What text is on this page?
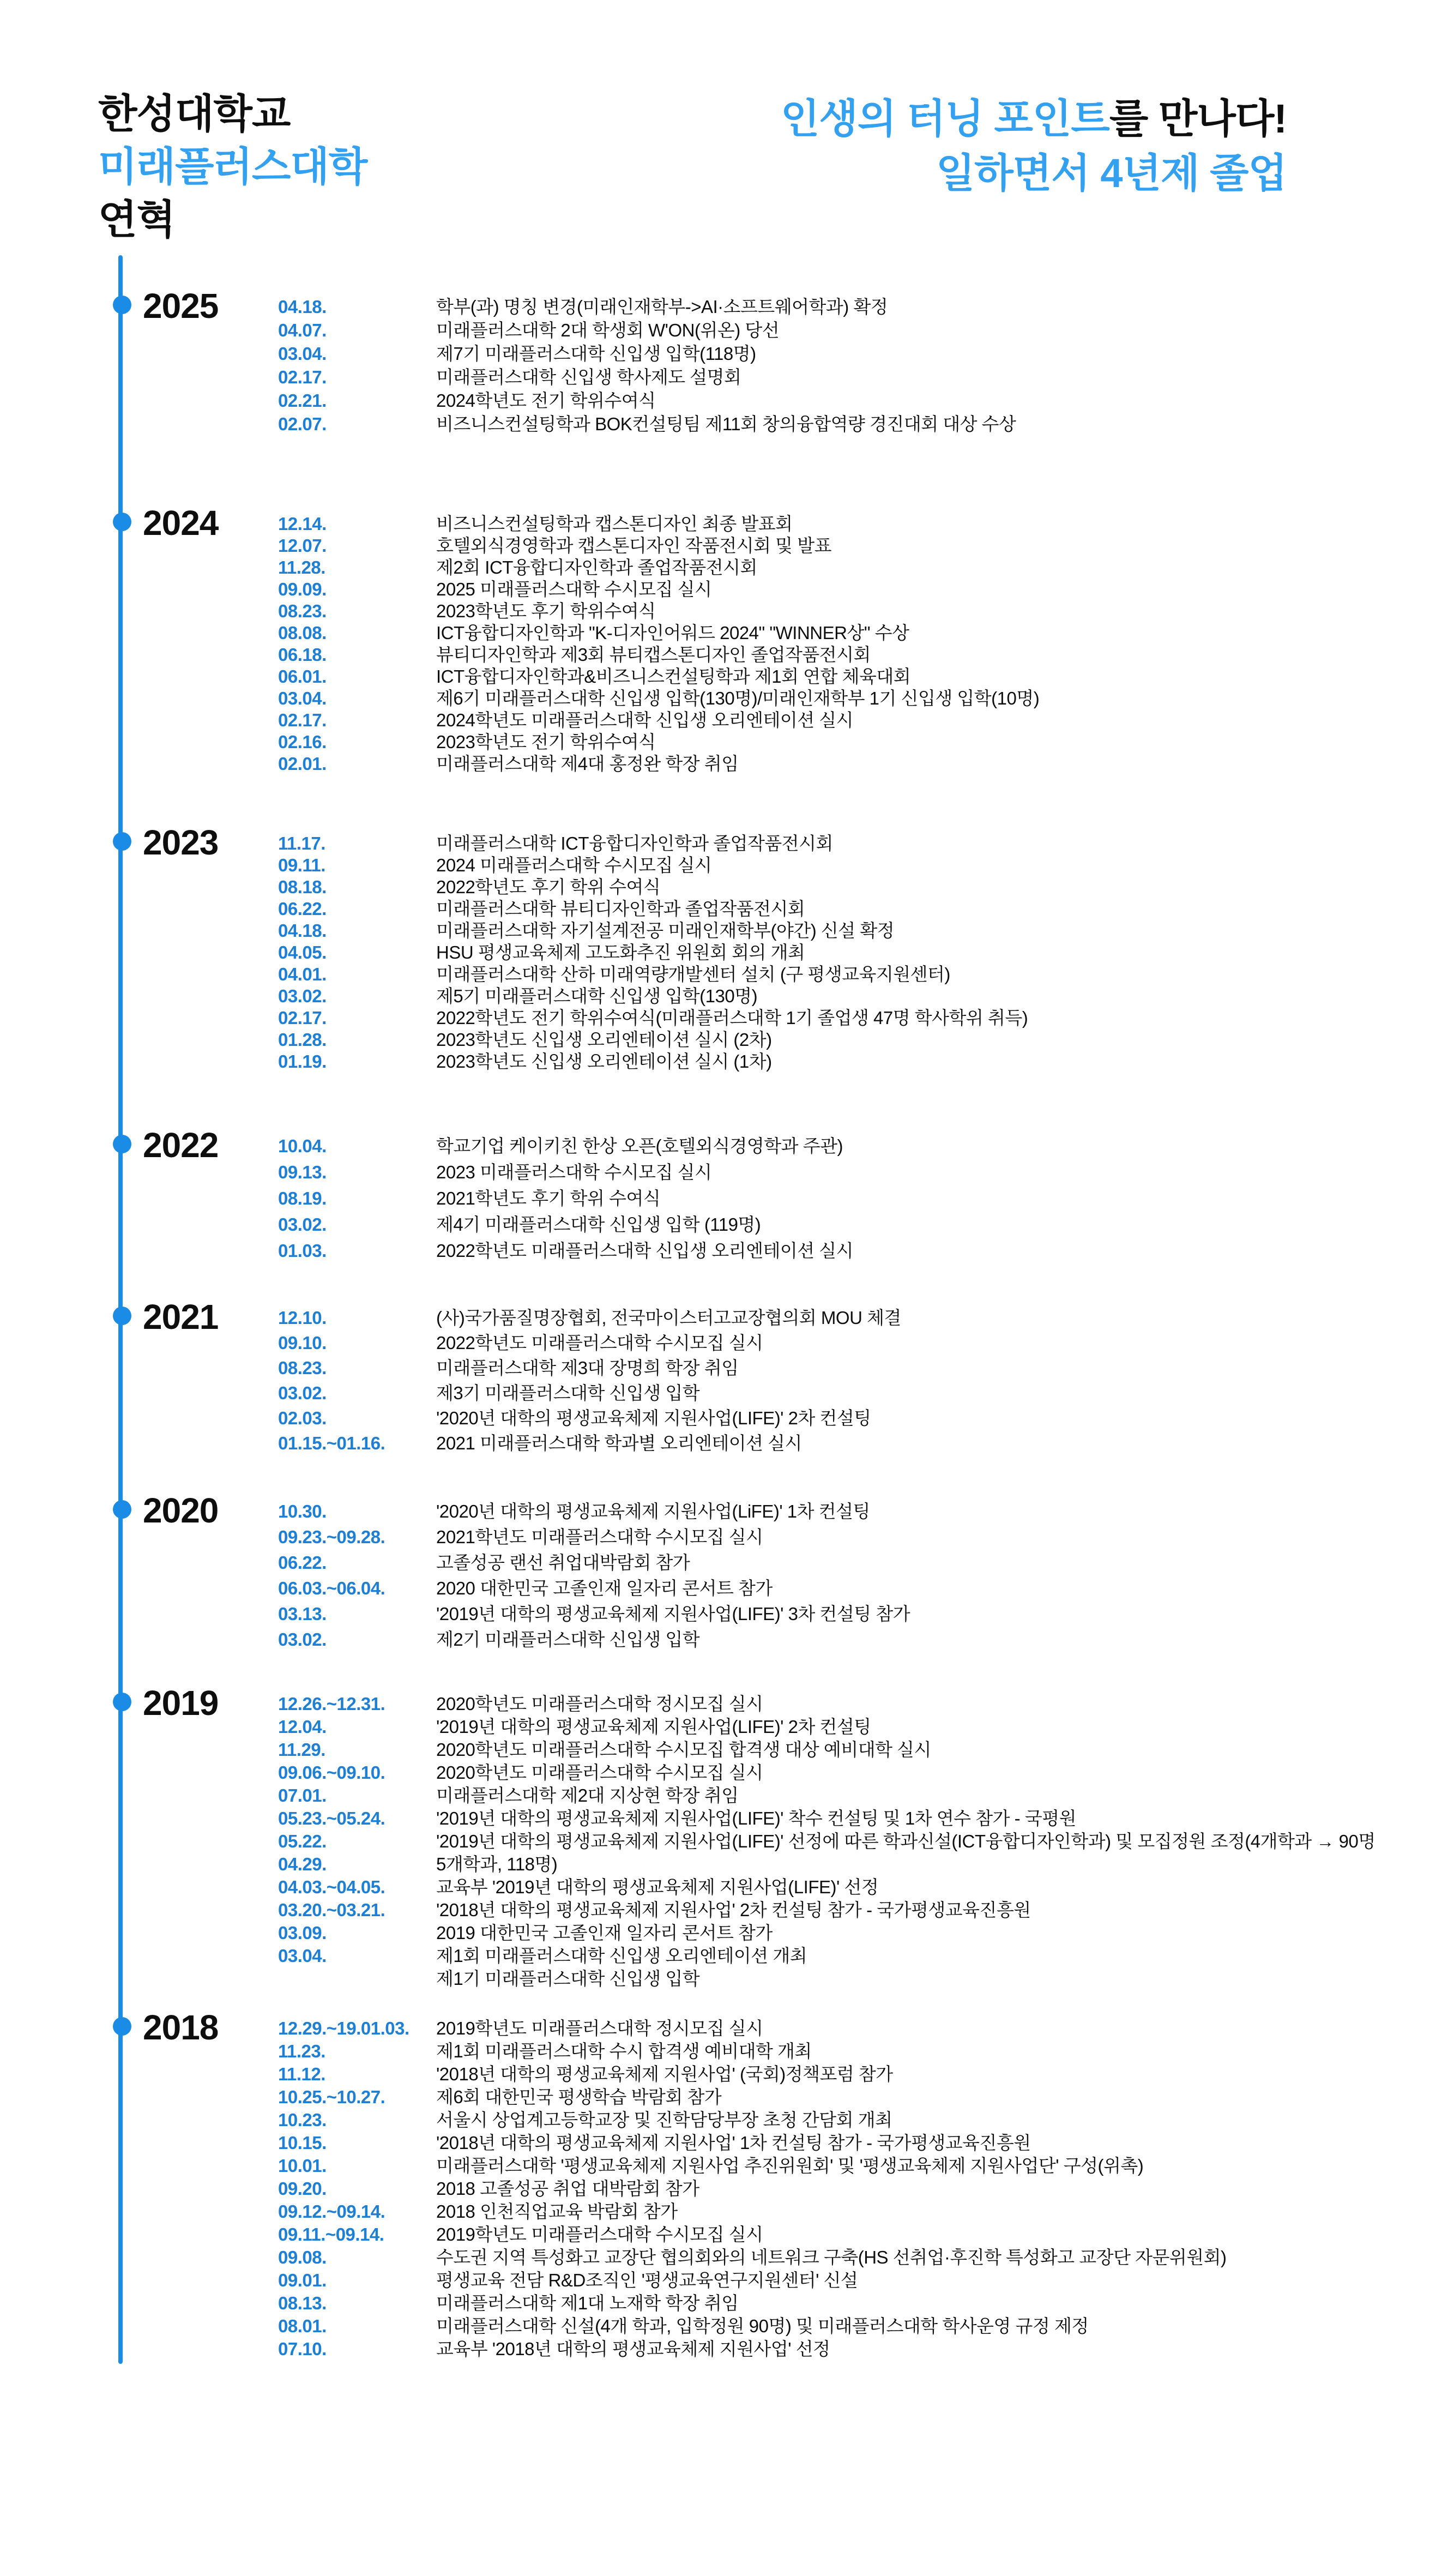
한성대학교
미래플러스대학
연혁
인생의 터닝 포인트를 만나다!
일하면서 4년제 졸업
2025	04.18.	학부(과) 명칭 변경(미래인재학부->AI·소프트웨어학과) 확정
04.07.	미래플러스대학 2대 학생회 W'ON(위온) 당선
03.04.	제7기 미래플러스대학 신입생 입학(118명)
02.17.	미래플러스대학 신입생 학사제도 설명회
02.21.	2024학년도 전기 학위수여식
02.07.	비즈니스컨설팅학과 BOK컨설팅팀 제11회 창의융합역량 경진대회 대상 수상
2024	12.14.	비즈니스컨설팅학과 캡스톤디자인 최종 발표회
12.07.	호텔외식경영학과 캡스톤디자인 작품전시회 및 발표
11.28.	제2회 ICT융합디자인학과 졸업작품전시회
09.09.	2025 미래플러스대학 수시모집 실시
08.23.	2023학년도 후기 학위수여식
08.08.	ICT융합디자인학과 "K-디자인어워드 2024" "WINNER상" 수상
06.18.	뷰티디자인학과 제3회 뷰티캡스톤디자인 졸업작품전시회
06.01.	ICT융합디자인학과&비즈니스컨설팅학과 제1회 연합 체육대회
03.04.	제6기 미래플러스대학 신입생 입학(130명)/미래인재학부 1기 신입생 입학(10명)
02.17.	2024학년도 미래플러스대학 신입생 오리엔테이션 실시
02.16.	2023학년도 전기 학위수여식
02.01.	미래플러스대학 제4대 홍정완 학장 취임
2023	11.17.	미래플러스대학 ICT융합디자인학과 졸업작품전시회
09.11.	2024 미래플러스대학 수시모집 실시
08.18.	2022학년도 후기 학위 수여식
06.22.	미래플러스대학 뷰티디자인학과 졸업작품전시회
04.18.	미래플러스대학 자기설계전공 미래인재학부(야간) 신설 확정
04.05.	HSU 평생교육체제 고도화추진 위원회 회의 개최
04.01.	미래플러스대학 산하 미래역량개발센터 설치 (구 평생교육지원센터)
03.02.	제5기 미래플러스대학 신입생 입학(130명)
02.17.	2022학년도 전기 학위수여식(미래플러스대학 1기 졸업생 47명 학사학위 취득)
01.28.	2023학년도 신입생 오리엔테이션 실시 (2차)
01.19.	2023학년도 신입생 오리엔테이션 실시 (1차)
2022	10.04.	학교기업 케이키친 한상 오픈(호텔외식경영학과 주관)
09.13.	2023 미래플러스대학 수시모집 실시
08.19.	2021학년도 후기 학위 수여식
03.02.	제4기 미래플러스대학 신입생 입학 (119명)
01.03.	2022학년도 미래플러스대학 신입생 오리엔테이션 실시
2021	12.10.	(사)국가품질명장협회, 전국마이스터고교장협의회 MOU 체결
09.10.	2022학년도 미래플러스대학 수시모집 실시
08.23.	미래플러스대학 제3대 장명희 학장 취임
03.02.	제3기 미래플러스대학 신입생 입학
02.03.	'2020년 대학의 평생교육체제 지원사업(LIFE)' 2차 컨설팅
01.15.~01.16.	2021 미래플러스대학 학과별 오리엔테이션 실시
2020	10.30.	'2020년 대학의 평생교육체제 지원사업(LiFE)' 1차 컨설팅
09.23.~09.28.	2021학년도 미래플러스대학 수시모집 실시
06.22.	고졸성공 랜선 취업대박람회 참가
06.03.~06.04.	2020 대한민국 고졸인재 일자리 콘서트 참가
03.13.	'2019년 대학의 평생교육체제 지원사업(LIFE)' 3차 컨설팅 참가
03.02.	제2기 미래플러스대학 신입생 입학
2019	12.26.~12.31.	2020학년도 미래플러스대학 정시모집 실시
12.04.	'2019년 대학의 평생교육체제 지원사업(LIFE)' 2차 컨설팅
11.29.	2020학년도 미래플러스대학 수시모집 합격생 대상 예비대학 실시
09.06.~09.10.	2020학년도 미래플러스대학 수시모집 실시
07.01.	미래플러스대학 제2대 지상현 학장 취임
05.23.~05.24.	'2019년 대학의 평생교육체제 지원사업(LIFE)' 착수 컨설팅 및 1차 연수 참가 - 국평원
05.22.	'2019년 대학의 평생교육체제 지원사업(LIFE)' 선정에 따른 학과신설(ICT융합디자인학과) 및 모집정원 조정(4개학과 → 90명
04.29.	5개학과, 118명)
04.03.~04.05.	교육부 '2019년 대학의 평생교육체제 지원사업(LIFE)' 선정
03.20.~03.21.	'2018년 대학의 평생교육체제 지원사업' 2차 컨설팅 참가 - 국가평생교육진흥원
03.09.	2019 대한민국 고졸인재 일자리 콘서트 참가
03.04.	제1회 미래플러스대학 신입생 오리엔테이션 개최
제1기 미래플러스대학 신입생 입학
2018	12.29.~19.01.03. 2019학년도 미래플러스대학 정시모집 실시
11.23.	제1회 미래플러스대학 수시 합격생 예비대학 개최
11.12.	'2018년 대학의 평생교육체제 지원사업' (국회)정책포럼 참가
10.25.~10.27.	제6회 대한민국 평생학습 박람회 참가
10.23.	서울시 상업계고등학교장 및 진학담당부장 초청 간담회 개최
10.15.	'2018년 대학의 평생교육체제 지원사업' 1차 컨설팅 참가 - 국가평생교육진흥원
10.01.	미래플러스대학 '평생교육체제 지원사업 추진위원회' 및 '평생교육체제 지원사업단' 구성(위촉)
09.20.	2018 고졸성공 취업 대박람회 참가
09.12.~09.14.	2018 인천직업교육 박람회 참가
09.11.~09.14.	2019학년도 미래플러스대학 수시모집 실시
09.08.	수도권 지역 특성화고 교장단 협의회와의 네트워크 구축(HS 선취업·후진학 특성화고 교장단 자문위원회)
09.01.	평생교육 전담 R&D조직인 '평생교육연구지원센터' 신설
08.13.	미래플러스대학 제1대 노재학 학장 취임
08.01.	미래플러스대학 신설(4개 학과, 입학정원 90명) 및 미래플러스대학 학사운영 규정 제정
07.10.	교육부 '2018년 대학의 평생교육체제 지원사업' 선정
